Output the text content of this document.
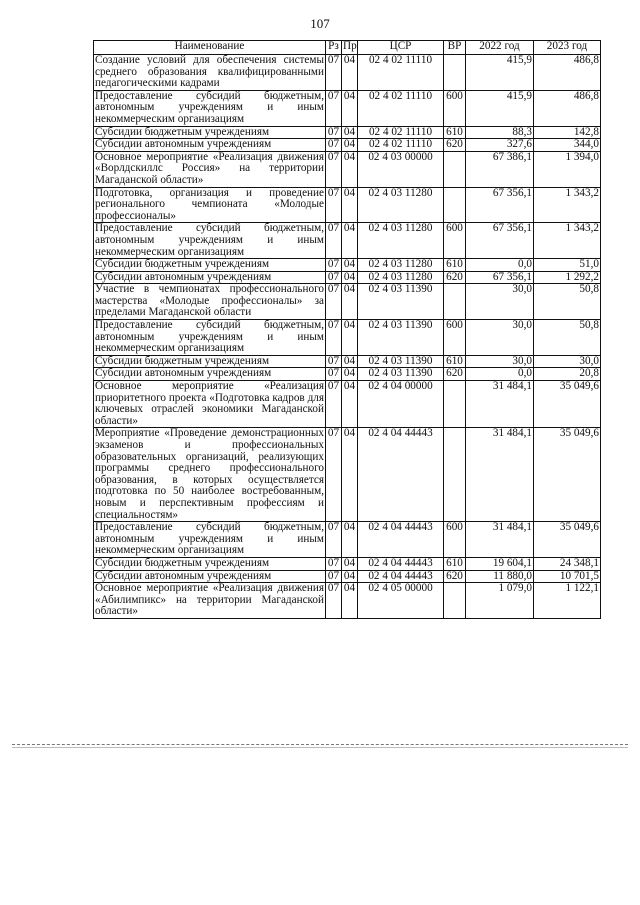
107
Наименование	Рз	Пр	ЦСР	ВР	2022 год	2023 год
Создание условий для обеспечения системы среднего образования квалифицированными педагогическими кадрами	07	04	02 4 02 11110		415,9	486,8
Предоставление субсидий бюджетным, автономным учреждениям и иным некоммерческим организациям	07	04	02 4 02 11110	600	415,9	486,8
Субсидии бюджетным учреждениям	07	04	02 4 02 11110	610	88,3	142,8
Субсидии автономным учреждениям	07	04	02 4 02 11110	620	327,6	344,0
Основное мероприятие «Реализация движения «Ворлдскиллс Россия» на территории Магаданской области»	07	04	02 4 03 00000		67 386,1	1 394,0
Подготовка, организация и проведение регионального чемпионата «Молодые профессионалы»	07	04	02 4 03 11280		67 356,1	1 343,2
Предоставление субсидий бюджетным, автономным учреждениям и иным некоммерческим организациям	07	04	02 4 03 11280	600	67 356,1	1 343,2
Субсидии бюджетным учреждениям	07	04	02 4 03 11280	610	0,0	51,0
Субсидии автономным учреждениям	07	04	02 4 03 11280	620	67 356,1	1 292,2
Участие в чемпионатах профессионального мастерства «Молодые профессионалы» за пределами Магаданской области	07	04	02 4 03 11390		30,0	50,8
Предоставление субсидий бюджетным, автономным учреждениям и иным некоммерческим организациям	07	04	02 4 03 11390	600	30,0	50,8
Субсидии бюджетным учреждениям	07	04	02 4 03 11390	610	30,0	30,0
Субсидии автономным учреждениям	07	04	02 4 03 11390	620	0,0	20,8
Основное мероприятие «Реализация приоритетного проекта «Подготовка кадров для ключевых отраслей экономики Магаданской области»	07	04	02 4 04 00000		31 484,1	35 049,6
Мероприятие «Проведение демонстрационных экзаменов и профессиональных образовательных организаций, реализующих программы среднего профессионального образования, в которых осуществляется подготовка по 50 наиболее востребованным, новым и перспективным профессиям и специальностям»	07	04	02 4 04 44443		31 484,1	35 049,6
Предоставление субсидий бюджетным, автономным учреждениям и иным некоммерческим организациям	07	04	02 4 04 44443	600	31 484,1	35 049,6
Субсидии бюджетным учреждениям	07	04	02 4 04 44443	610	19 604,1	24 348,1
Субсидии автономным учреждениям	07	04	02 4 04 44443	620	11 880,0	10 701,5
Основное мероприятие «Реализация движения «Абилимпикс» на территории Магаданской области»	07	04	02 4 05 00000		1 079,0	1 122,1
